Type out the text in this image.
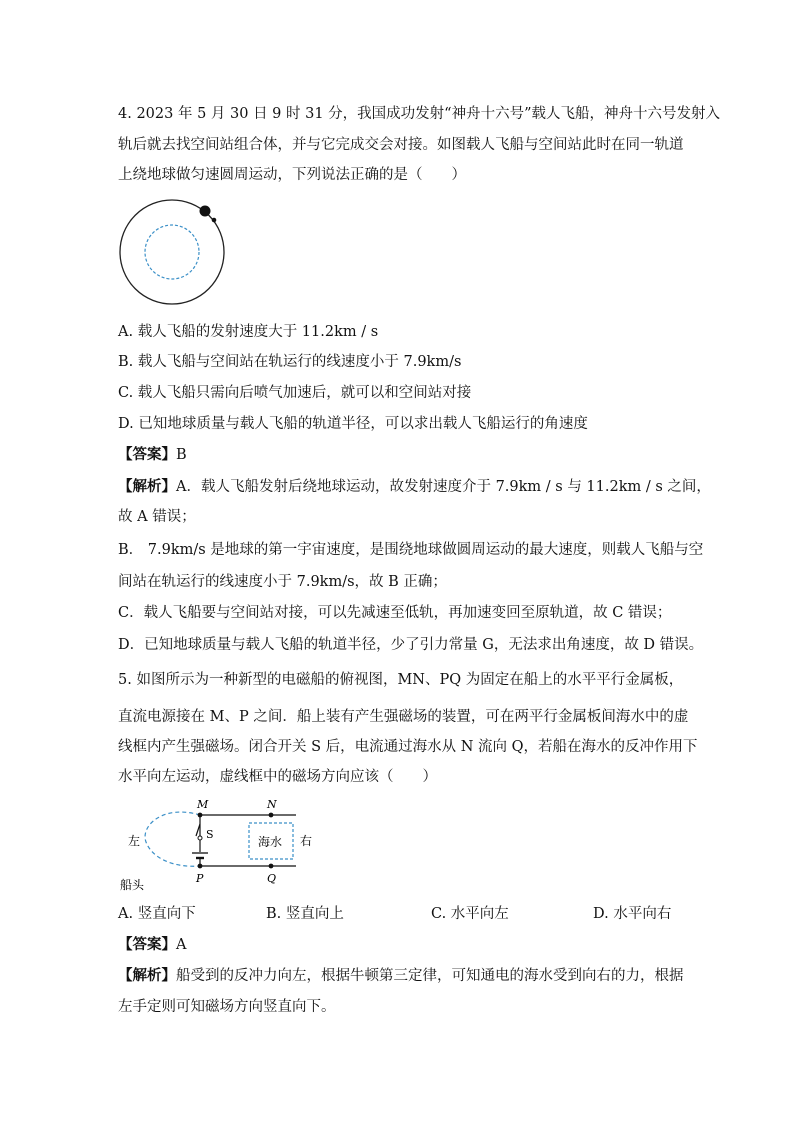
4. 2023 年 5 月 30 日 9 时 31 分，我国成功发射“神舟十六号”载人飞船，神舟十六号发射入
轨后就去找空间站组合体，并与它完成交会对接。如图载人飞船与空间站此时在同一轨道
上绕地球做匀速圆周运动，下列说法正确的是（　　）
A. 载人飞船的发射速度大于 11.2km / s
B. 载人飞船与空间站在轨运行的线速度小于 7.9km/s
C. 载人飞船只需向后喷气加速后，就可以和空间站对接
D. 已知地球质量与载人飞船的轨道半径，可以求出载人飞船运行的角速度
【答案】B
【解析】A．载人飞船发射后绕地球运动，故发射速度介于 7.9km / s 与 11.2km / s 之间，
故 A 错误；
B． 7.9km/s 是地球的第一宇宙速度，是围绕地球做圆周运动的最大速度，则载人飞船与空
间站在轨运行的线速度小于 7.9km/s，故 B 正确；
C．载人飞船要与空间站对接，可以先减速至低轨，再加速变回至原轨道，故 C 错误；
D．已知地球质量与载人飞船的轨道半径，少了引力常量 G，无法求出角速度，故 D 错误。
5. 如图所示为一种新型的电磁船的俯视图，MN、PQ 为固定在船上的水平平行金属板，
直流电源接在 M、P 之间．船上装有产生强磁场的装置，可在两平行金属板间海水中的虚
线框内产生强磁场。闭合开关 S 后，电流通过海水从 N 流向 Q，若船在海水的反冲作用下
水平向左运动，虚线框中的磁场方向应该（　　）
M	N
S
P	Q
左	右
海水
船头
A. 竖直向下	B. 竖直向上	C. 水平向左	D. 水平向右
【答案】A
【解析】船受到的反冲力向左，根据牛顿第三定律，可知通电的海水受到向右的力，根据
左手定则可知磁场方向竖直向下。
